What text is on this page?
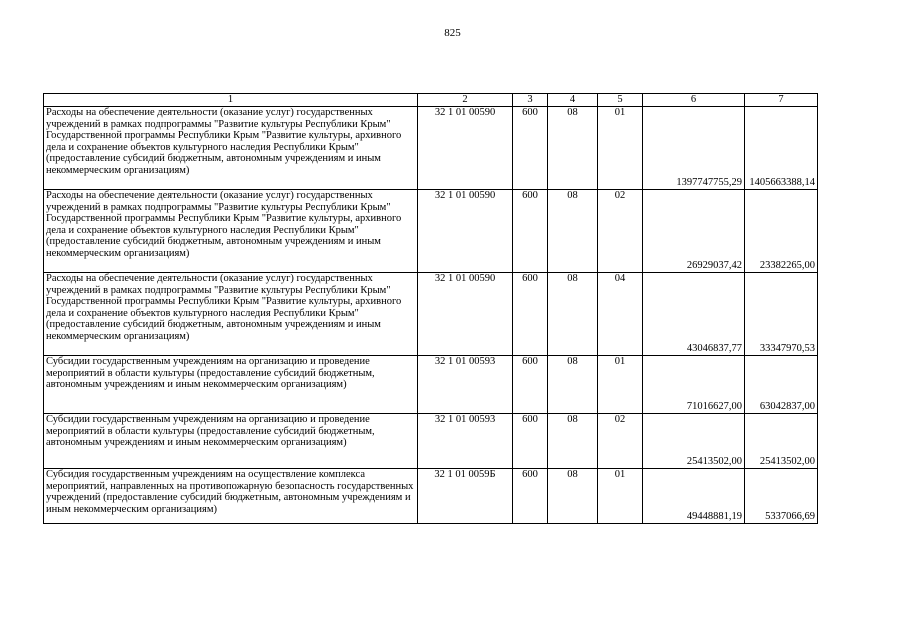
825
1	2	3	4	5	6	7
Расходы на обеспечение деятельности (оказание услуг) государственных учреждений в рамках подпрограммы "Развитие культуры Республики Крым" Государственной программы Республики Крым "Развитие культуры, архивного дела и сохранение объектов культурного наследия Республики Крым" (предоставление субсидий бюджетным, автономным учреждениям и иным некоммерческим организациям)	32 1 01 00590	600	08	01	1397747755,29	1405663388,14
Расходы на обеспечение деятельности (оказание услуг) государственных учреждений в рамках подпрограммы "Развитие культуры Республики Крым" Государственной программы Республики Крым "Развитие культуры, архивного дела и сохранение объектов культурного наследия Республики Крым" (предоставление субсидий бюджетным, автономным учреждениям и иным некоммерческим организациям)	32 1 01 00590	600	08	02	26929037,42	23382265,00
Расходы на обеспечение деятельности (оказание услуг) государственных учреждений в рамках подпрограммы "Развитие культуры Республики Крым" Государственной программы Республики Крым "Развитие культуры, архивного дела и сохранение объектов культурного наследия Республики Крым" (предоставление субсидий бюджетным, автономным учреждениям и иным некоммерческим организациям)	32 1 01 00590	600	08	04	43046837,77	33347970,53
Субсидии государственным учреждениям на организацию и проведение мероприятий в области культуры (предоставление субсидий бюджетным, автономным учреждениям и иным некоммерческим организациям)	32 1 01 00593	600	08	01	71016627,00	63042837,00
Субсидии государственным учреждениям на организацию и проведение мероприятий в области культуры (предоставление субсидий бюджетным, автономным учреждениям и иным некоммерческим организациям)	32 1 01 00593	600	08	02	25413502,00	25413502,00
Субсидия государственным учреждениям на осуществление комплекса мероприятий, направленных на противопожарную безопасность государственных учреждений (предоставление субсидий бюджетным, автономным учреждениям и иным некоммерческим организациям)	32 1 01 0059Б	600	08	01	49448881,19	5337066,69
